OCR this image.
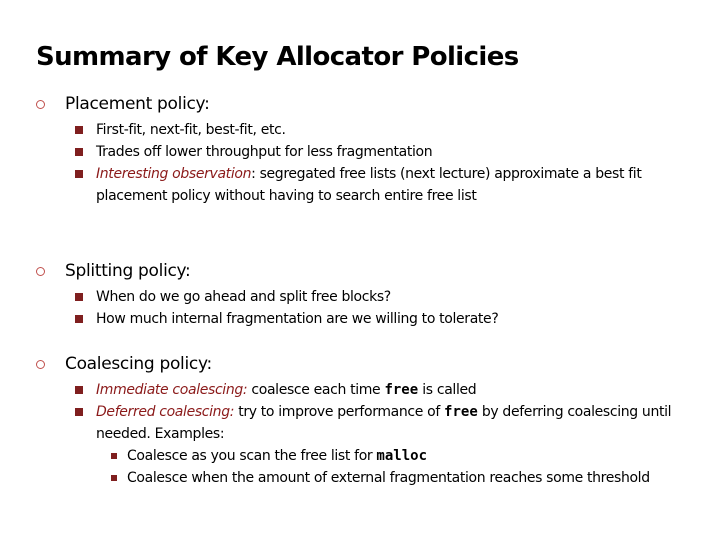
Summary of Key Allocator Policies
Placement policy:
First-fit, next-fit, best-fit, etc.
Trades off lower throughput for less fragmentation
Interesting observation: segregated free lists (next lecture) approximate a best fit placement policy without having to search entire free list
Splitting policy:
When do we go ahead and split free blocks?
How much internal fragmentation are we willing to tolerate?
Coalescing policy:
Immediate coalescing: coalesce each time free is called
Deferred coalescing: try to improve performance of free by deferring coalescing until needed. Examples:
Coalesce as you scan the free list for malloc
Coalesce when the amount of external fragmentation reaches some threshold
